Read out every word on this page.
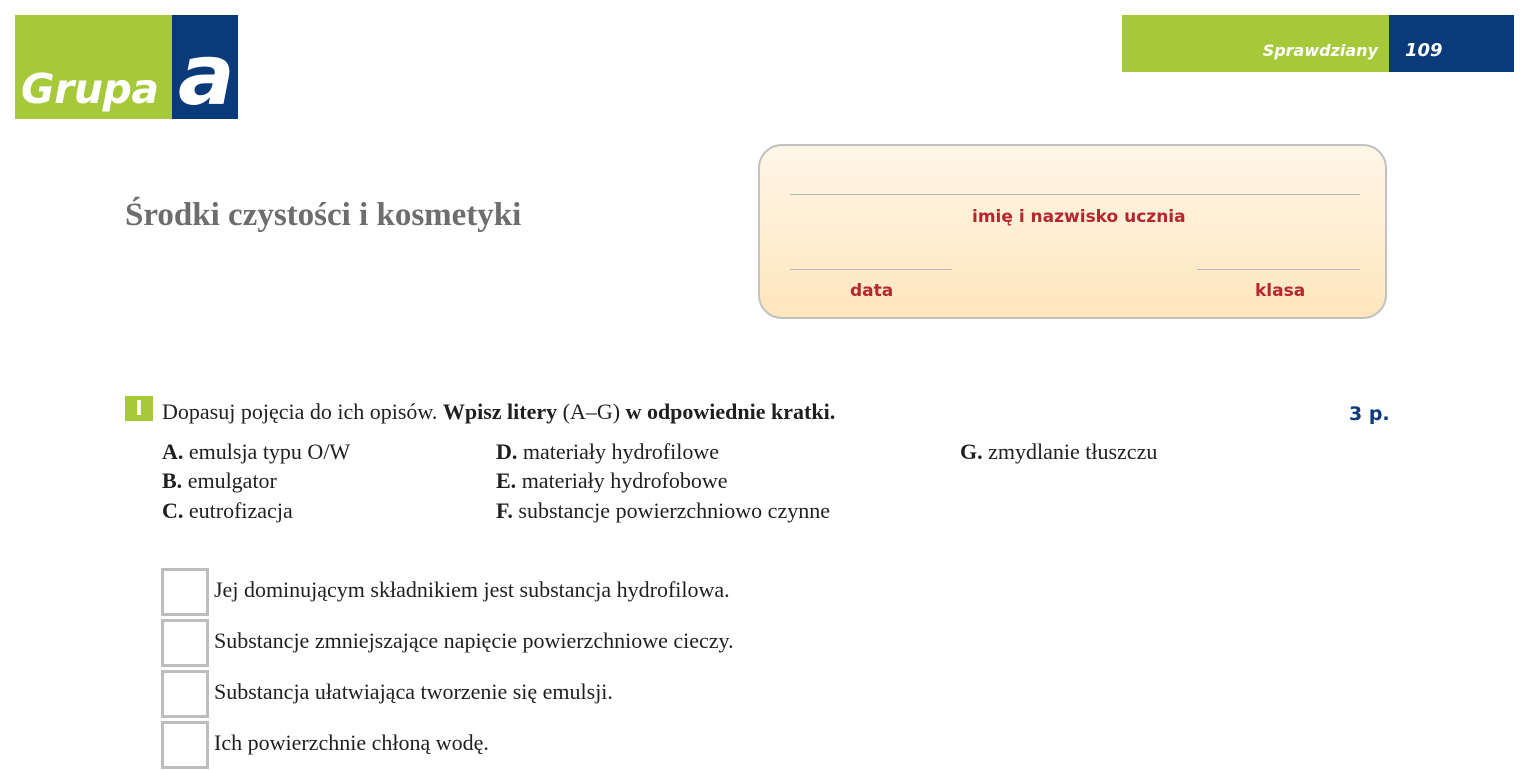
Grupa a	Sprawdziany 109
Środki czystości i kosmetyki	imię i nazwisko ucznia
data	klasa
I Dopasuj pojęcia do ich opisów. Wpisz litery (A–G) w odpowiednie kratki.	3 p.
A. emulsja typu O/W
B. emulgator
C. eutrofizacja
D. materiały hydrofilowe
E. materiały hydrofobowe
F. substancje powierzchniowo czynne
G. zmydlanie tłuszczu
Jej dominującym składnikiem jest substancja hydrofilowa.
Substancje zmniejszające napięcie powierzchniowe cieczy.
Substancja ułatwiająca tworzenie się emulsji.
Ich powierzchnie chłoną wodę.
